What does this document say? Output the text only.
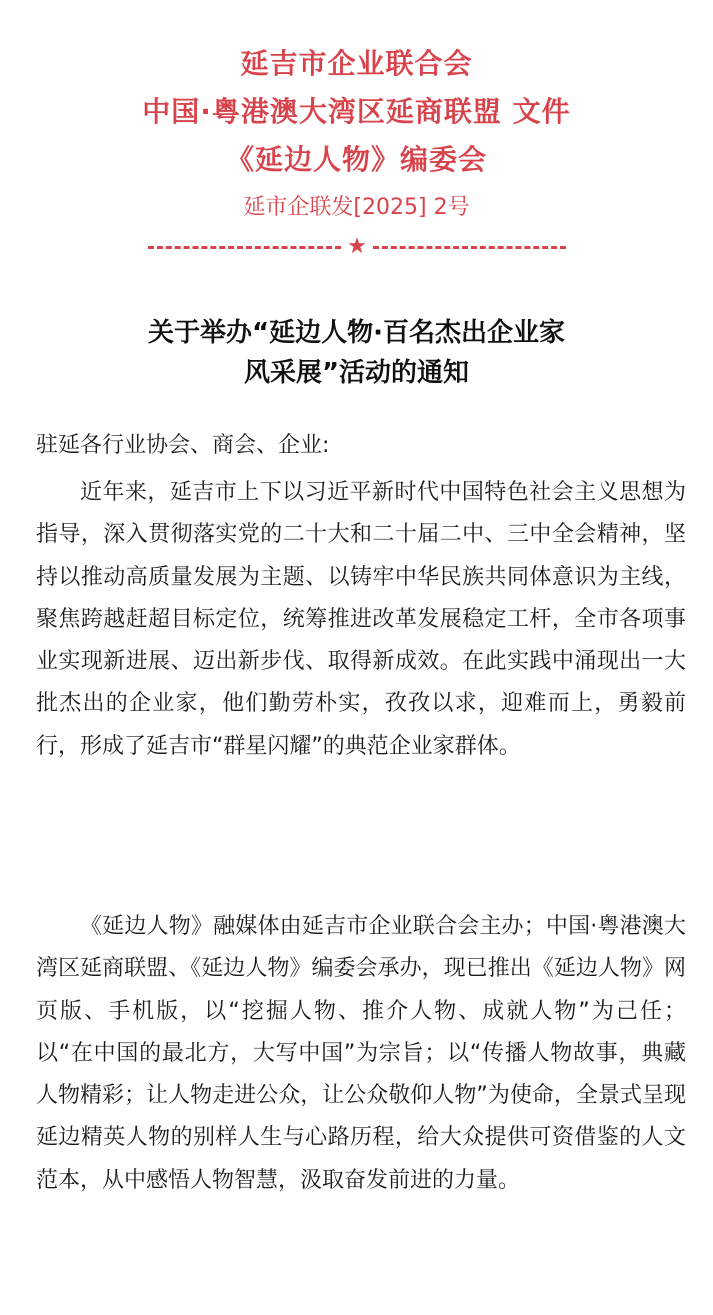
延吉市企业联合会
中国·粤港澳大湾区延商联盟 文件
《延边人物》编委会
延市企联发[2025] 2号
★
关于举办“延边人物·百名杰出企业家
风采展”活动的通知
驻延各行业协会、商会、企业:
近年来，延吉市上下以习近平新时代中国特色社会主义思想为指导，深入贯彻落实党的二十大和二十届二中、三中全会精神，坚持以推动高质量发展为主题、以铸牢中华民族共同体意识为主线，聚焦跨越赶超目标定位，统筹推进改革发展稳定工杆，全市各项事业实现新进展、迈出新步伐、取得新成效。在此实践中涌现出一大批杰出的企业家，他们勤劳朴实，孜孜以求，迎难而上，勇毅前行，形成了延吉市“群星闪耀”的典范企业家群体。
《延边人物》融媒体由延吉市企业联合会主办；中国·粤港澳大湾区延商联盟、《延边人物》编委会承办，现已推出《延边人物》网页版、手机版，以“挖掘人物、推介人物、成就人物”为己任；以“在中国的最北方，大写中国”为宗旨；以“传播人物故事，典藏人物精彩；让人物走进公众，让公众敬仰人物”为使命，全景式呈现延边精英人物的别样人生与心路历程，给大众提供可资借鉴的人文范本，从中感悟人物智慧，汲取奋发前进的力量。
